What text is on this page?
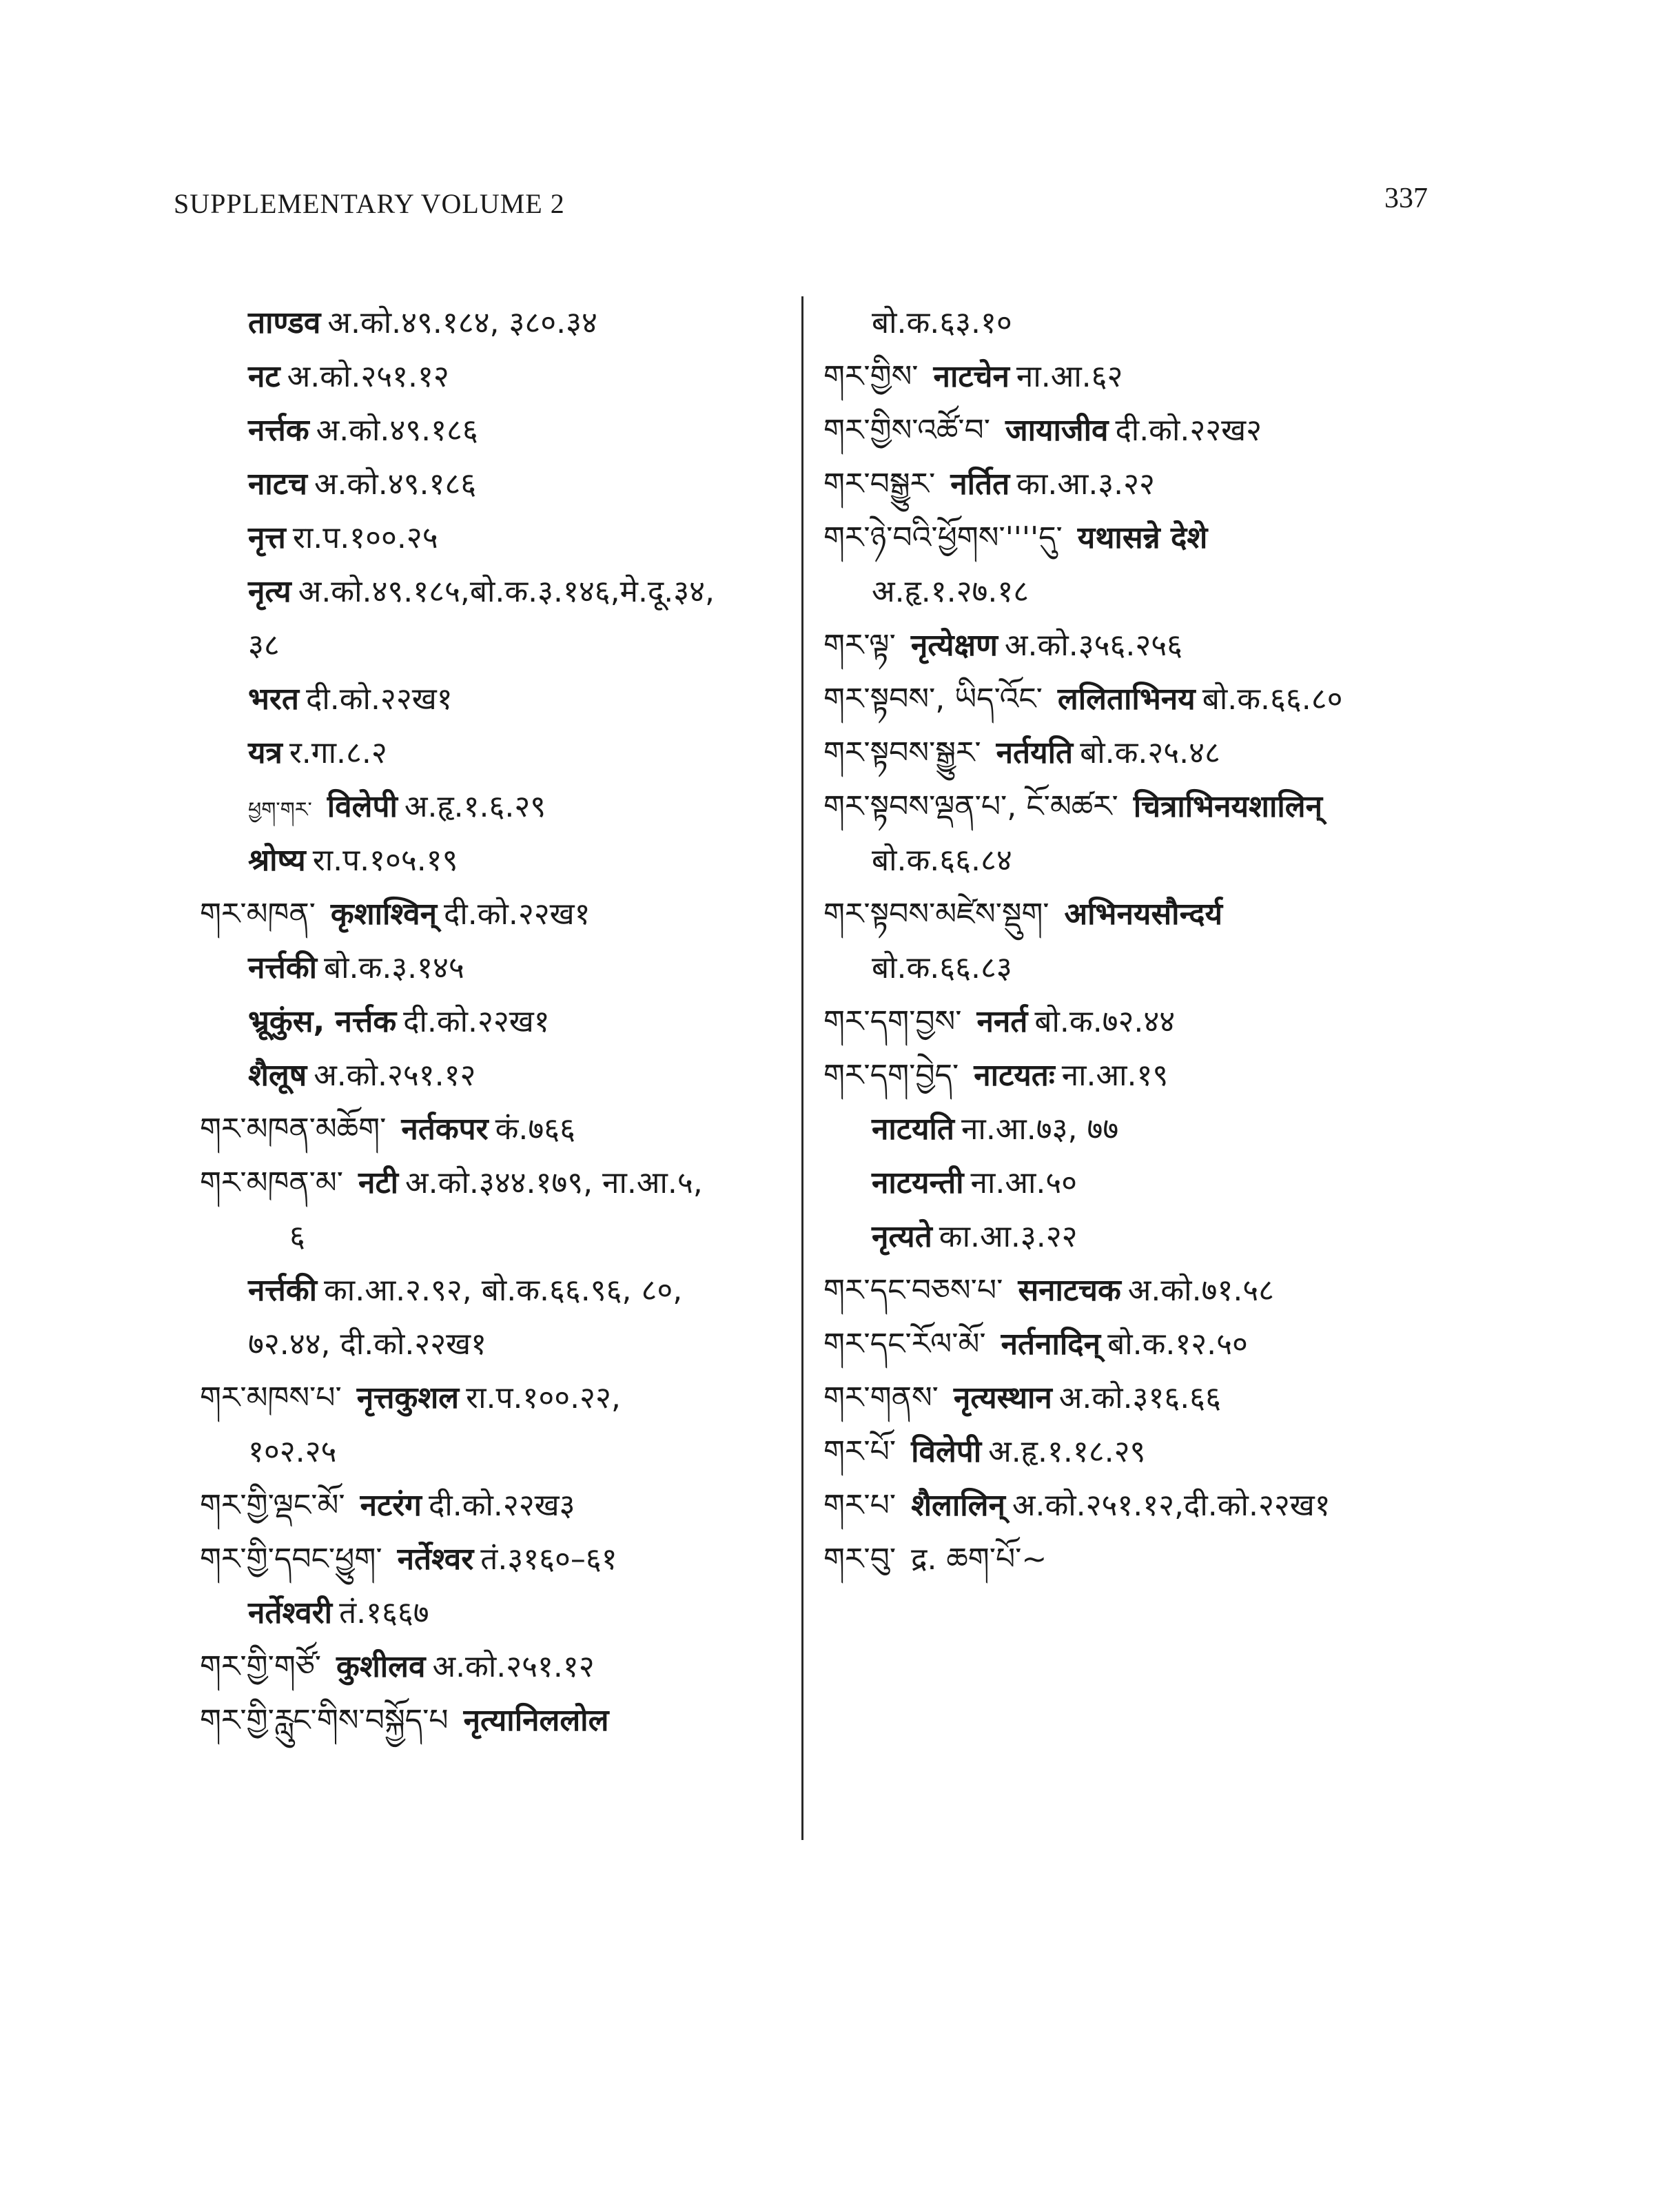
SUPPLEMENTARY VOLUME 2	337
ताण्डव अ.को.४९.१८४, ३८०.३४
नट अ.को.२५१.१२
नर्त्तक अ.को.४९.१८६
नाटच अ.को.४९.१८६
नृत्त रा.प.१००.२५
नृत्य अ.को.४९.१८५,बो.क.३.१४६,मे.दू.३४,
३८
भरत दी.को.२२ख१
यत्र र.गा.८.२
ཕྱག་གར་ विलेपी अ.हृ.१.६.२९
श्रोष्य रा.प.१०५.१९
གར་མཁན་ कृशाश्विन् दी.को.२२ख१
नर्त्तकी बो.क.३.१४५
भ्रूकुंस, नर्त्तक दी.को.२२ख१
शैलूष अ.को.२५१.१२
གར་མཁན་མཆོག་ नर्तकपर कं.७६६
གར་མཁན་མ་ नटी अ.को.३४४.१७९, ना.आ.५,
६
नर्त्तकी का.आ.२.९२, बो.क.६६.९६, ८०,
७२.४४, दी.को.२२ख१
གར་མཁས་པ་ नृत्तकुशल रा.प.१००.२२,
१०२.२५
གར་གྱི་ལྡང་མོ་ नटरंग दी.को.२२ख३
གར་གྱི་དབང་ཕྱུག་ नर्तेश्वर तं.३१६०–६१
नर्तेश्वरी तं.१६६७
གར་གྱི་གཙོ་ कुशीलव अ.को.२५१.१२
གར་གྱི་རླུང་གིས་བསྐྱོད་པ नृत्यानिललोल
बो.क.६३.१०
གར་གྱིས་ नाटचेन ना.आ.६२
གར་གྱིས་འཚོ་བ་ जायाजीव दी.को.२२ख२
གར་བསྒྱུར་ नर्तित का.आ.३.२२
གར་ཉེ་བའི་ཕྱོགས་''''དུ་ यथासन्ने देशे
अ.हृ.१.२७.१८
གར་ལྟ་ नृत्येक्षण अ.को.३५६.२५६
གར་སྟབས་, ཡིད་འོང་ ललिताभिनय बो.क.६६.८०
གར་སྟབས་སྒྱུར་ नर्तयति बो.क.२५.४८
གར་སྟབས་ལྡན་པ་, ངོ་མཚར་ चित्राभिनयशालिन्
बो.क.६६.८४
གར་སྟབས་མཛེས་སྡུག་ अभिनयसौन्दर्य
बो.क.६६.८३
གར་དག་བྱས་ ननर्त बो.क.७२.४४
གར་དག་བྱེད་ नाटयतः ना.आ.१९
नाटयति ना.आ.७३, ७७
नाटयन्ती ना.आ.५०
नृत्यते का.आ.३.२२
གར་དང་བཅས་པ་ सनाटचक अ.को.७१.५८
གར་དང་རོལ་མོ་ नर्तनादिन् बो.क.१२.५०
གར་གནས་ नृत्यस्थान अ.को.३१६.६६
གར་པོ་ विलेपी अ.हृ.१.१८.२९
གར་པ་ शैलालिन् अ.को.२५१.१२,दी.को.२२ख१
གར་བུ་ द्र. ཆག་པོ་~
